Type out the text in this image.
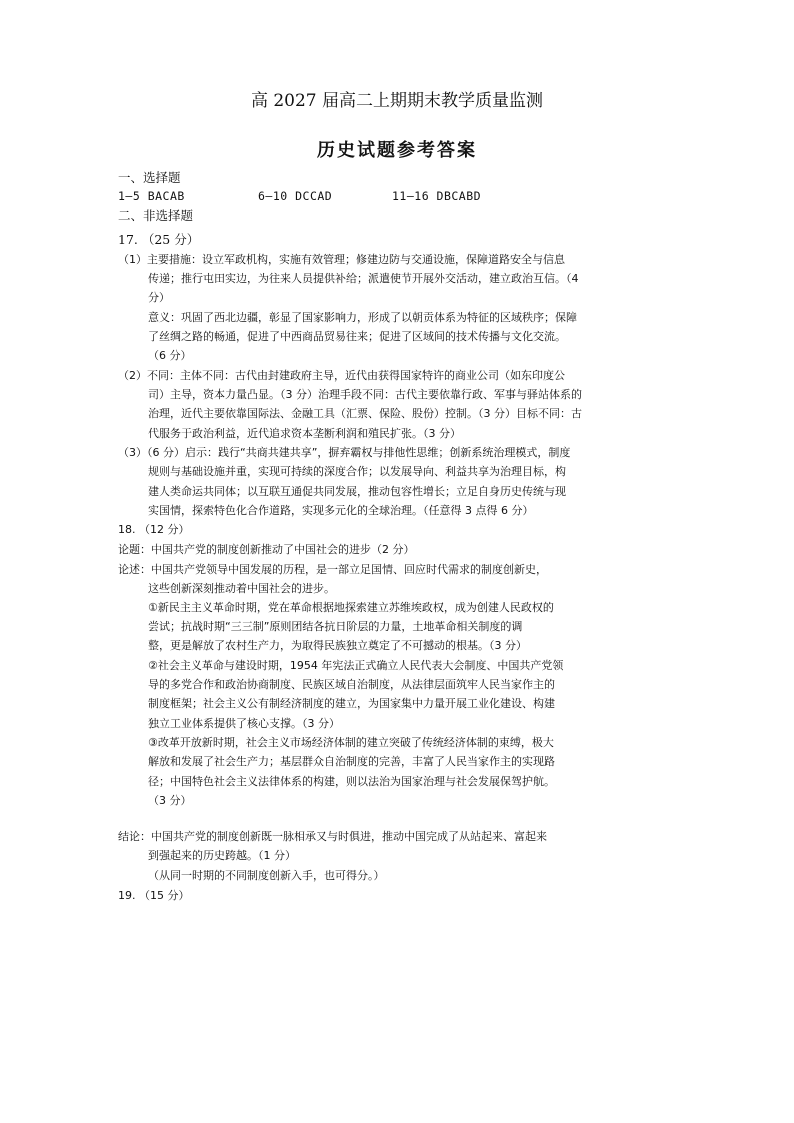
高 2027 届高二上期期末教学质量监测
历史试题参考答案
一、选择题
1—5 BACAB	6—10 DCCAD	11—16 DBCABD
二、非选择题
17. （25 分）
（1）主要措施：设立军政机构，实施有效管理；修建边防与交通设施，保障道路安全与信息
传递；推行屯田实边，为往来人员提供补给；派遣使节开展外交活动，建立政治互信。（4
分）
意义：巩固了西北边疆，彰显了国家影响力，形成了以朝贡体系为特征的区域秩序；保障
了丝绸之路的畅通，促进了中西商品贸易往来；促进了区域间的技术传播与文化交流。
（6 分）
（2）不同：主体不同：古代由封建政府主导，近代由获得国家特许的商业公司（如东印度公
司）主导，资本力量凸显。（3 分）治理手段不同：古代主要依靠行政、军事与驿站体系的
治理，近代主要依靠国际法、金融工具（汇票、保险、股份）控制。（3 分）目标不同：古
代服务于政治利益，近代追求资本垄断利润和殖民扩张。（3 分）
（3）（6 分）启示：践行“共商共建共享”，摒弃霸权与排他性思维；创新系统治理模式，制度
规则与基础设施并重，实现可持续的深度合作；以发展导向、利益共享为治理目标，构
建人类命运共同体；以互联互通促共同发展，推动包容性增长；立足自身历史传统与现
实国情，探索特色化合作道路，实现多元化的全球治理。（任意得 3 点得 6 分）
18. （12 分）
论题：中国共产党的制度创新推动了中国社会的进步（2 分）
论述：中国共产党领导中国发展的历程，是一部立足国情、回应时代需求的制度创新史，
这些创新深刻推动着中国社会的进步。
①新民主主义革命时期，党在革命根据地探索建立苏维埃政权，成为创建人民政权的
尝试；抗战时期“三三制”原则团结各抗日阶层的力量，土地革命相关制度的调
整，更是解放了农村生产力，为取得民族独立奠定了不可撼动的根基。（3 分）
②社会主义革命与建设时期，1954 年宪法正式确立人民代表大会制度、中国共产党领
导的多党合作和政治协商制度、民族区域自治制度，从法律层面筑牢人民当家作主的
制度框架；社会主义公有制经济制度的建立，为国家集中力量开展工业化建设、构建
独立工业体系提供了核心支撑。（3 分）
③改革开放新时期，社会主义市场经济体制的建立突破了传统经济体制的束缚，极大
解放和发展了社会生产力；基层群众自治制度的完善，丰富了人民当家作主的实现路
径；中国特色社会主义法律体系的构建，则以法治为国家治理与社会发展保驾护航。
（3 分）
结论：中国共产党的制度创新既一脉相承又与时俱进，推动中国完成了从站起来、富起来
到强起来的历史跨越。（1 分）
（从同一时期的不同制度创新入手，也可得分。）
19. （15 分）
